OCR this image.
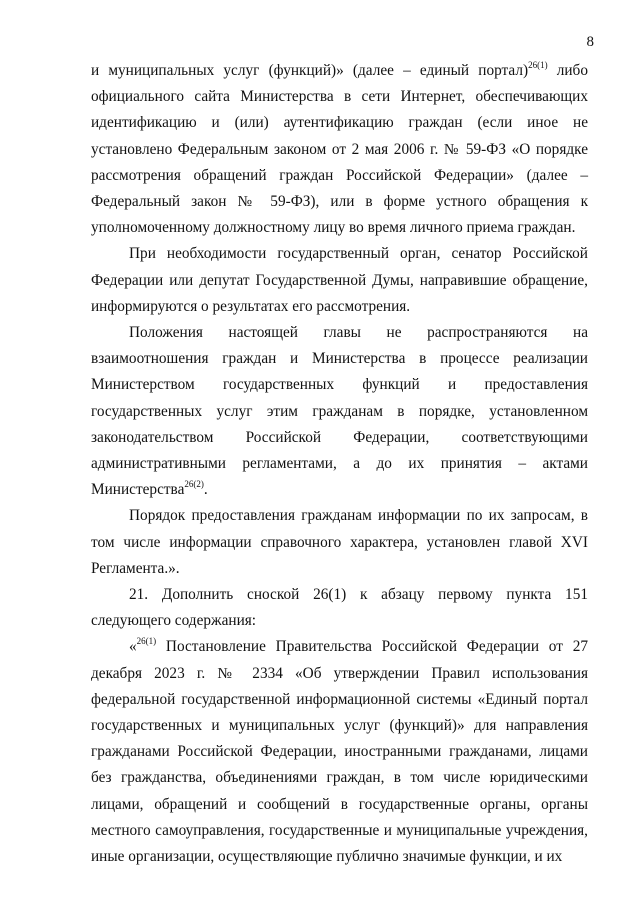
8

и муниципальных услуг (функций)» (далее – единый портал)$^{26(1)}$ либо официального сайта Министерства в сети Интернет, обеспечивающих идентификацию и (или) аутентификацию граждан (если иное не установлено Федеральным законом от 2 мая 2006 г. № 59-ФЗ «О порядке рассмотрения обращений граждан Российской Федерации» (далее – Федеральный закон № 59-ФЗ), или в форме устного обращения к уполномоченному должностному лицу во время личного приема граждан.

При необходимости государственный орган, сенатор Российской Федерации или депутат Государственной Думы, направившие обращение, информируются о результатах его рассмотрения.

Положения настоящей главы не распространяются на взаимоотношения граждан и Министерства в процессе реализации Министерством государственных функций и предоставления государственных услуг этим гражданам в порядке, установленном законодательством Российской Федерации, соответствующими административными регламентами, а до их принятия – актами Министерства$^{26(2)}$.

Порядок предоставления гражданам информации по их запросам, в том числе информации справочного характера, установлен главой XVI Регламента.».

21. Дополнить сноской 26(1) к абзацу первому пункта 151 следующего содержания:

«$^{26(1)}$ Постановление Правительства Российской Федерации от 27 декабря 2023 г. № 2334 «Об утверждении Правил использования федеральной государственной информационной системы «Единый портал государственных и муниципальных услуг (функций)» для направления гражданами Российской Федерации, иностранными гражданами, лицами без гражданства, объединениями граждан, в том числе юридическими лицами, обращений и сообщений в государственные органы, органы местного самоуправления, государственные и муниципальные учреждения, иные организации, осуществляющие публично значимые функции, и их
